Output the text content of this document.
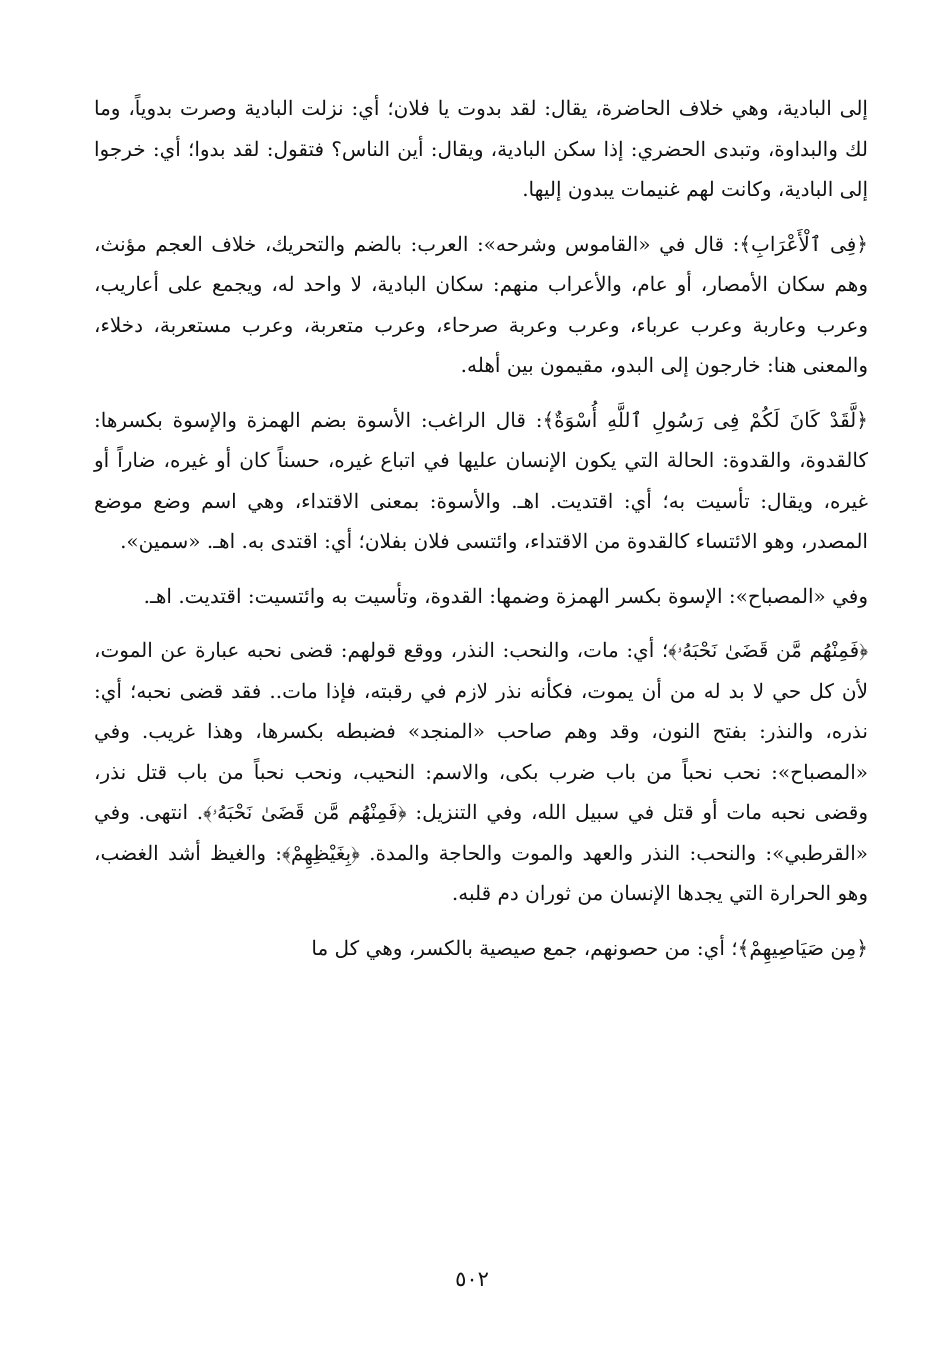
إلى البادية، وهي خلاف الحاضرة، يقال: لقد بدوت يا فلان؛ أي: نزلت البادية وصرت بدوياً، وما لك والبداوة، وتبدى الحضري: إذا سكن البادية، ويقال: أين الناس؟ فتقول: لقد بدوا؛ أي: خرجوا إلى البادية، وكانت لهم غنيمات يبدون إليها.

﴿فِى ٱلْأَعْرَابِ﴾: قال في «القاموس وشرحه»: العرب: بالضم والتحريك، خلاف العجم مؤنث، وهم سكان الأمصار، أو عام، والأعراب منهم: سكان البادية، لا واحد له، ويجمع على أعاريب، وعرب وعاربة وعرب عرباء، وعرب وعربة صرحاء، وعرب متعربة، وعرب مستعربة، دخلاء، والمعنى هنا: خارجون إلى البدو، مقيمون بين أهله.

﴿لَّقَدْ كَانَ لَكُمْ فِى رَسُولِ ٱللَّهِ أُسْوَةٌ﴾: قال الراغب: الأسوة بضم الهمزة والإسوة بكسرها: كالقدوة، والقدوة: الحالة التي يكون الإنسان عليها في اتباع غيره، حسناً كان أو غيره، ضاراً أو غيره، ويقال: تأسيت به؛ أي: اقتديت. اهـ. والأسوة: بمعنى الاقتداء، وهي اسم وضع موضع المصدر، وهو الائتساء كالقدوة من الاقتداء، وائتسى فلان بفلان؛ أي: اقتدى به. اهـ. «سمين».

وفي «المصباح»: الإسوة بكسر الهمزة وضمها: القدوة، وتأسيت به وائتسيت: اقتديت. اهـ.

﴿فَمِنْهُم مَّن قَضَىٰ نَحْبَهُۥ﴾؛ أي: مات، والنحب: النذر، ووقع قولهم: قضى نحبه عبارة عن الموت، لأن كل حي لا بد له من أن يموت، فكأنه نذر لازم في رقبته، فإذا مات.. فقد قضى نحبه؛ أي: نذره، والنذر: بفتح النون، وقد وهم صاحب «المنجد» فضبطه بكسرها، وهذا غريب. وفي «المصباح»: نحب نحباً من باب ضرب بكى، والاسم: النحيب، ونحب نحباً من باب قتل نذر، وقضى نحبه مات أو قتل في سبيل الله، وفي التنزيل: ﴿فَمِنْهُم مَّن قَضَىٰ نَحْبَهُۥ﴾. انتهى. وفي «القرطبي»: والنحب: النذر والعهد والموت والحاجة والمدة. ﴿بِغَيْظِهِمْ﴾: والغيظ أشد الغضب، وهو الحرارة التي يجدها الإنسان من ثوران دم قلبه.

﴿مِن صَيَاصِيهِمْ﴾؛ أي: من حصونهم، جمع صيصية بالكسر، وهي كل ما

٥٠٢
